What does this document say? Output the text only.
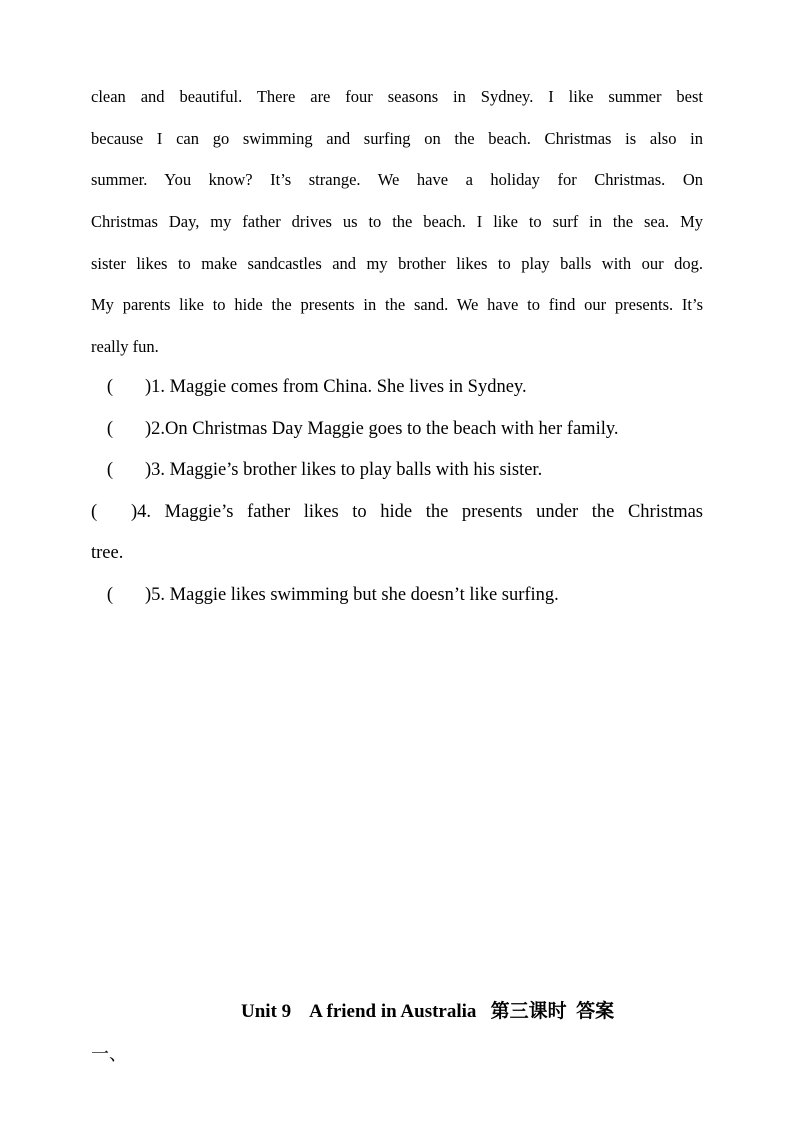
clean and beautiful. There are four seasons in Sydney. I like summer best
because I can go swimming and surfing on the beach. Christmas is also in
summer. You know? It’s strange. We have a holiday for Christmas. On
Christmas Day, my father drives us to the beach. I like to surf in the sea. My
sister likes to make sandcastles and my brother likes to play balls with our dog.
My parents like to hide the presents in the sand. We have to find our presents. It’s
really fun.
( )1. Maggie comes from China. She lives in Sydney.
( )2.On Christmas Day Maggie goes to the beach with her family.
( )3. Maggie’s brother likes to play balls with his sister.
( )4. Maggie’s father likes to hide the presents under the Christmas
tree.
( )5. Maggie likes swimming but she doesn’t like surfing.
Unit 9    A friend in Australia   第三课时  答案
一、
